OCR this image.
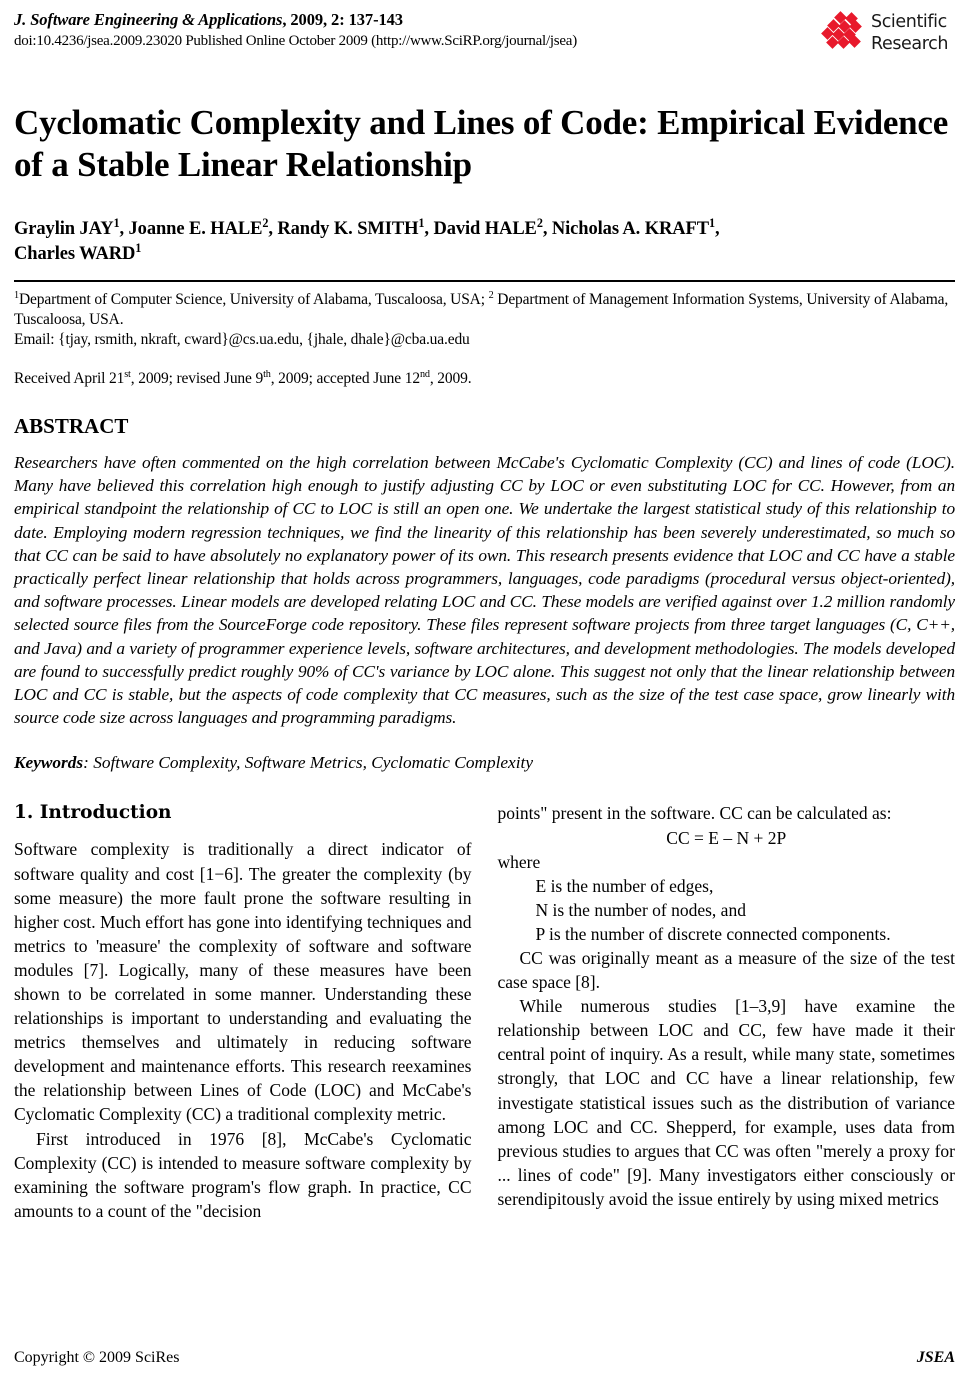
J. Software Engineering & Applications, 2009, 2: 137-143
doi:10.4236/jsea.2009.23020 Published Online October 2009 (http://www.SciRP.org/journal/jsea)
Scientific
Research
Cyclomatic Complexity and Lines of Code: Empirical Evidence of a Stable Linear Relationship
Graylin JAY$^1$, Joanne E. HALE$^2$, Randy K. SMITH$^1$, David HALE$^2$, Nicholas A. KRAFT$^1$,
Charles WARD$^1$

$^1$Department of Computer Science, University of Alabama, Tuscaloosa, USA; $^2$ Department of Management Information Systems, University of Alabama, Tuscaloosa, USA.

Email: {tjay, rsmith, nkraft, cward}@cs.ua.edu, {jhale, dhale}@cba.ua.edu

Received April 21st, 2009; revised June 9th, 2009; accepted June 12nd, 2009.
ABSTRACT
Researchers have often commented on the high correlation between McCabe's Cyclomatic Complexity (CC) and lines of code (LOC). Many have believed this correlation high enough to justify adjusting CC by LOC or even substituting LOC for CC. However, from an empirical standpoint the relationship of CC to LOC is still an open one. We undertake the largest statistical study of this relationship to date. Employing modern regression techniques, we find the linearity of this relationship has been severely underestimated, so much so that CC can be said to have absolutely no explanatory power of its own. This research presents evidence that LOC and CC have a stable practically perfect linear relationship that holds across programmers, languages, code paradigms (procedural versus object-oriented), and software processes. Linear models are developed relating LOC and CC. These models are verified against over 1.2 million randomly selected source files from the SourceForge code repository. These files represent software projects from three target languages (C, C++, and Java) and a variety of programmer experience levels, software architectures, and development methodologies. The models developed are found to successfully predict roughly 90% of CC's variance by LOC alone. This suggest not only that the linear relationship between LOC and CC is stable, but the aspects of code complexity that CC measures, such as the size of the test case space, grow linearly with source code size across languages and programming paradigms.
Keywords: Software Complexity, Software Metrics, Cyclomatic Complexity
1. Introduction

Software complexity is traditionally a direct indicator of software quality and cost [1−6]. The greater the complexity (by some measure) the more fault prone the software resulting in higher cost. Much effort has gone into identifying techniques and metrics to 'measure' the complexity of software and software modules [7]. Logically, many of these measures have been shown to be correlated in some manner. Understanding these relationships is important to understanding and evaluating the metrics themselves and ultimately in reducing software development and maintenance efforts. This research reexamines the relationship between Lines of Code (LOC) and McCabe's Cyclomatic Complexity (CC) a traditional complexity metric.

First introduced in 1976 [8], McCabe's Cyclomatic Complexity (CC) is intended to measure software complexity by examining the software program's flow graph. In practice, CC amounts to a count of the "decision

points" present in the software. CC can be calculated as:

CC = E – N + 2P

where

E is the number of edges,

N is the number of nodes, and

P is the number of discrete connected components.

CC was originally meant as a measure of the size of the test case space [8].

While numerous studies [1–3,9] have examine the relationship between LOC and CC, few have made it their central point of inquiry. As a result, while many state, sometimes strongly, that LOC and CC have a linear relationship, few investigate statistical issues such as the distribution of variance among LOC and CC. Shepperd, for example, uses data from previous studies to argues that CC was often "merely a proxy for ... lines of code" [9]. Many investigators either consciously or serendipitously avoid the issue entirely by using mixed metrics

Copyright © 2009 SciRes	JSEA
